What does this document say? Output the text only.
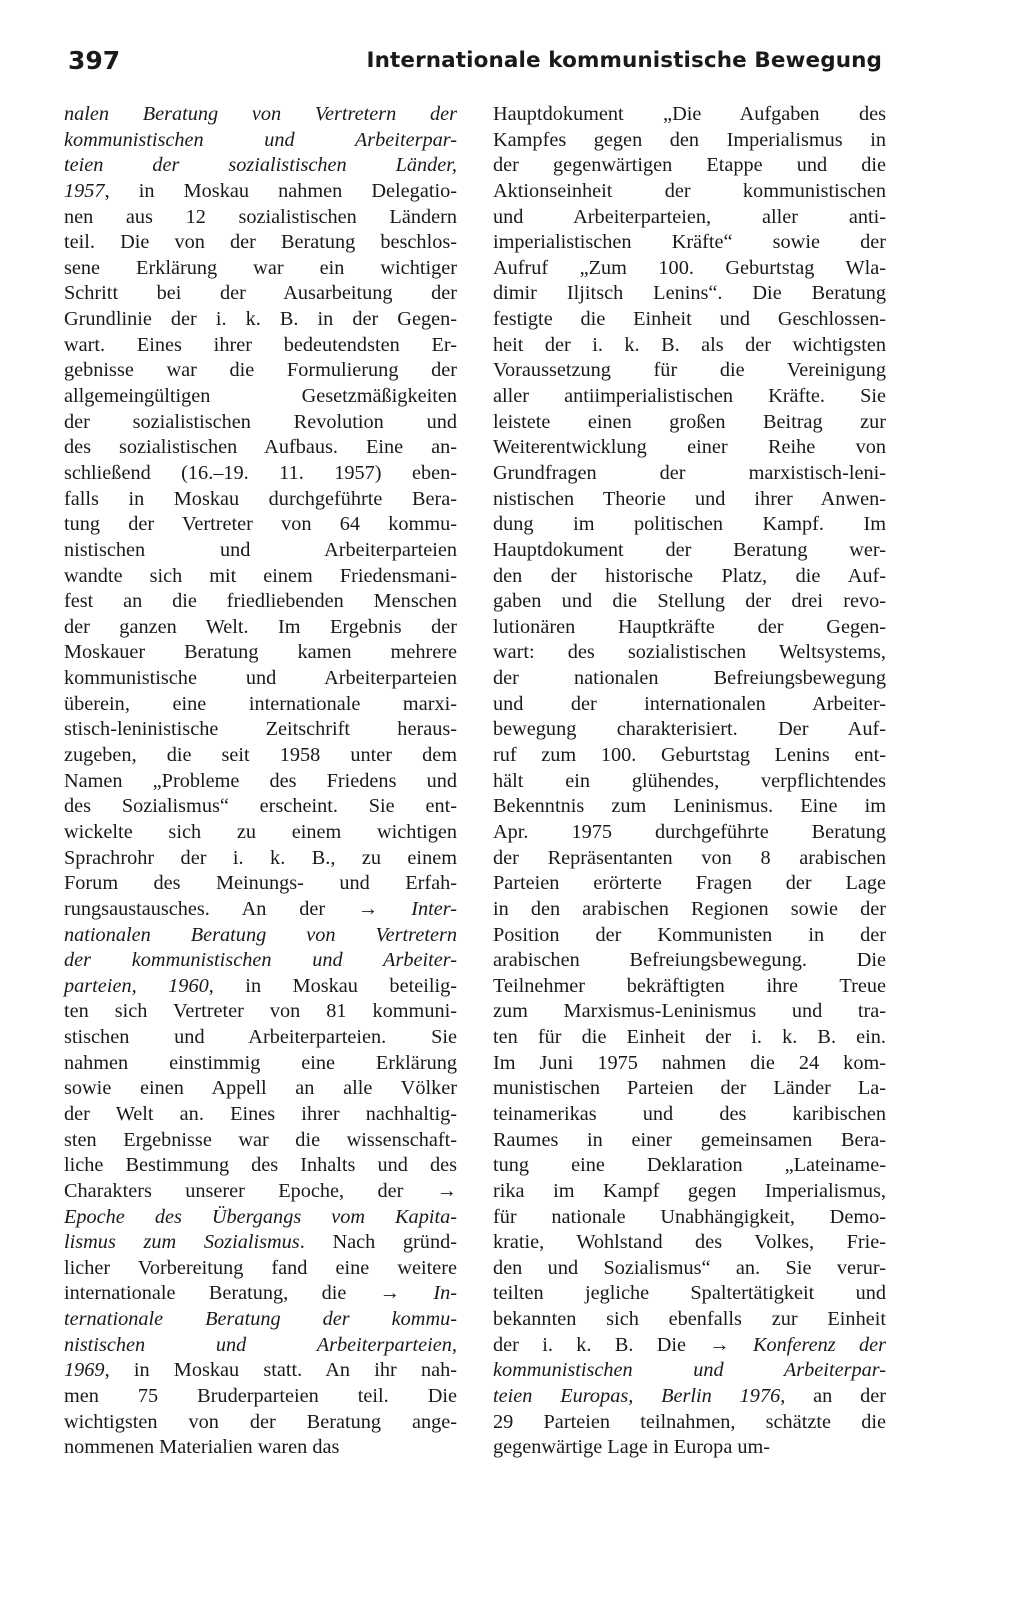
397	Internationale kommunistische Bewegung
nalen Beratung von Vertretern der
kommunistischen und Arbeiterpar-
teien der sozialistischen Länder,
1957, in Moskau nahmen Delegatio-
nen aus 12 sozialistischen Ländern
teil. Die von der Beratung beschlos-
sene Erklärung war ein wichtiger
Schritt bei der Ausarbeitung der
Grundlinie der i. k. B. in der Gegen-
wart. Eines ihrer bedeutendsten Er-
gebnisse war die Formulierung der
allgemeingültigen Gesetzmäßigkeiten
der sozialistischen Revolution und
des sozialistischen Aufbaus. Eine an-
schließend (16.–19. 11. 1957) eben-
falls in Moskau durchgeführte Bera-
tung der Vertreter von 64 kommu-
nistischen und Arbeiterparteien
wandte sich mit einem Friedensmani-
fest an die friedliebenden Menschen
der ganzen Welt. Im Ergebnis der
Moskauer Beratung kamen mehrere
kommunistische und Arbeiterparteien
überein, eine internationale marxi-
stisch-leninistische Zeitschrift heraus-
zugeben, die seit 1958 unter dem
Namen „Probleme des Friedens und
des Sozialismus“ erscheint. Sie ent-
wickelte sich zu einem wichtigen
Sprachrohr der i. k. B., zu einem
Forum des Meinungs- und Erfah-
rungsaustausches. An der → Inter-
nationalen Beratung von Vertretern
der kommunistischen und Arbeiter-
parteien, 1960, in Moskau beteilig-
ten sich Vertreter von 81 kommuni-
stischen und Arbeiterparteien. Sie
nahmen einstimmig eine Erklärung
sowie einen Appell an alle Völker
der Welt an. Eines ihrer nachhaltig-
sten Ergebnisse war die wissenschaft-
liche Bestimmung des Inhalts und des
Charakters unserer Epoche, der →
Epoche des Übergangs vom Kapita-
lismus zum Sozialismus. Nach gründ-
licher Vorbereitung fand eine weitere
internationale Beratung, die → In-
ternationale Beratung der kommu-
nistischen und Arbeiterparteien,
1969, in Moskau statt. An ihr nah-
men 75 Bruderparteien teil. Die
wichtigsten von der Beratung ange-
nommenen Materialien waren das
Hauptdokument „Die Aufgaben des
Kampfes gegen den Imperialismus in
der gegenwärtigen Etappe und die
Aktionseinheit der kommunistischen
und Arbeiterparteien, aller anti-
imperialistischen Kräfte“ sowie der
Aufruf „Zum 100. Geburtstag Wla-
dimir Iljitsch Lenins“. Die Beratung
festigte die Einheit und Geschlossen-
heit der i. k. B. als der wichtigsten
Voraussetzung für die Vereinigung
aller antiimperialistischen Kräfte. Sie
leistete einen großen Beitrag zur
Weiterentwicklung einer Reihe von
Grundfragen der marxistisch-leni-
nistischen Theorie und ihrer Anwen-
dung im politischen Kampf. Im
Hauptdokument der Beratung wer-
den der historische Platz, die Auf-
gaben und die Stellung der drei revo-
lutionären Hauptkräfte der Gegen-
wart: des sozialistischen Weltsystems,
der nationalen Befreiungsbewegung
und der internationalen Arbeiter-
bewegung charakterisiert. Der Auf-
ruf zum 100. Geburtstag Lenins ent-
hält ein glühendes, verpflichtendes
Bekenntnis zum Leninismus. Eine im
Apr. 1975 durchgeführte Beratung
der Repräsentanten von 8 arabischen
Parteien erörterte Fragen der Lage
in den arabischen Regionen sowie der
Position der Kommunisten in der
arabischen Befreiungsbewegung. Die
Teilnehmer bekräftigten ihre Treue
zum Marxismus-Leninismus und tra-
ten für die Einheit der i. k. B. ein.
Im Juni 1975 nahmen die 24 kom-
munistischen Parteien der Länder La-
teinamerikas und des karibischen
Raumes in einer gemeinsamen Bera-
tung eine Deklaration „Lateiname-
rika im Kampf gegen Imperialismus,
für nationale Unabhängigkeit, Demo-
kratie, Wohlstand des Volkes, Frie-
den und Sozialismus“ an. Sie verur-
teilten jegliche Spaltertätigkeit und
bekannten sich ebenfalls zur Einheit
der i. k. B. Die → Konferenz der
kommunistischen und Arbeiterpar-
teien Europas, Berlin 1976, an der
29 Parteien teilnahmen, schätzte die
gegenwärtige Lage in Europa um-
